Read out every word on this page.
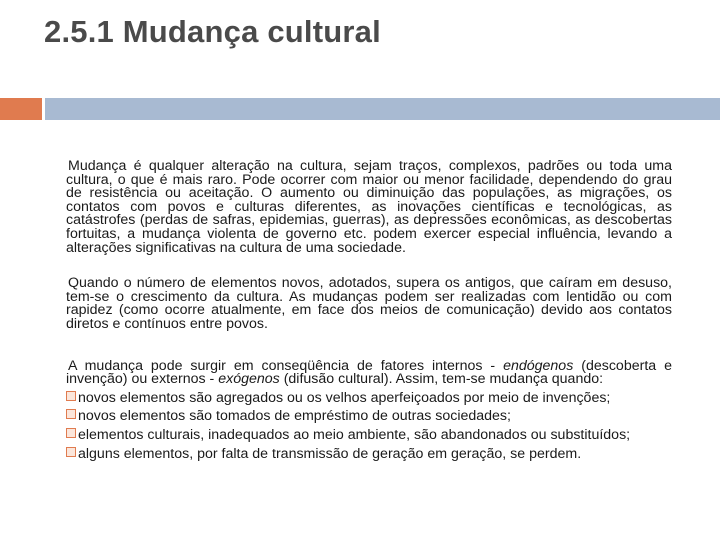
2.5.1 Mudança cultural

Mudança é qualquer alteração na cultura, sejam traços, complexos, padrões ou toda uma cultura, o que é mais raro. Pode ocorrer com maior ou menor facilidade, dependendo do grau de resistência ou aceitação. O aumento ou diminuição das populações, as migrações, os contatos com povos e culturas diferentes, as inovações científicas e tecnológicas, as catástrofes (perdas de safras, epidemias, guerras), as depressões econômicas, as descobertas fortuitas, a mudança violenta de governo etc. podem exercer especial influência, levando a alterações significativas na cultura de uma sociedade.

Quando o número de elementos novos, adotados, supera os antigos, que caíram em desuso, tem-se o crescimento da cultura. As mudanças podem ser realizadas com lentidão ou com rapidez (como ocorre atualmente, em face dos meios de comunicação) devido aos contatos diretos e contínuos entre povos.

A mudança pode surgir em conseqüência de fatores internos - endógenos (descoberta e invenção) ou externos - exógenos (difusão cultural). Assim, tem-se mudança quando:

novos elementos são agregados ou os velhos aperfeiçoados por meio de invenções;
novos elementos são tomados de empréstimo de outras sociedades;
elementos culturais, inadequados ao meio ambiente, são abandonados ou substituídos;
alguns elementos, por falta de transmissão de geração em geração, se perdem.
